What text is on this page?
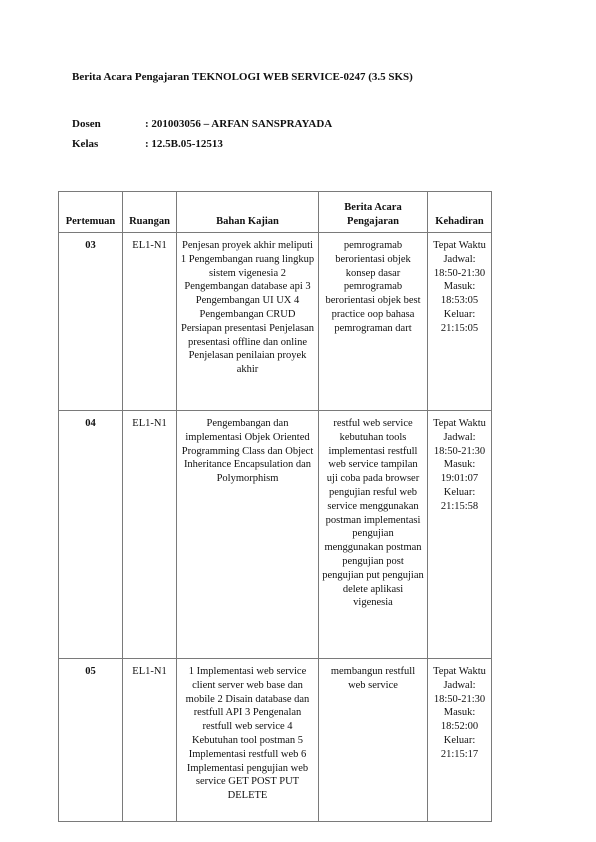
Berita Acara Pengajaran TEKNOLOGI WEB SERVICE-0247 (3.5 SKS)
Dosen	: 201003056 – ARFAN SANSPRAYADA
Kelas	: 12.5B.05-12513
Pertemuan	Ruangan	Bahan Kajian	Berita Acara Pengajaran	Kehadiran
03	EL1-N1	Penjesan proyek akhir meliputi 1 Pengembangan ruang lingkup sistem vigenesia 2 Pengembangan database api 3 Pengembangan UI UX 4 Pengembangan CRUD Persiapan presentasi Penjelasan presentasi offline dan online Penjelasan penilaian proyek akhir	pemrogramab berorientasi objek konsep dasar pemrogramab berorientasi objek best practice oop bahasa pemrograman dart	Tepat Waktu Jadwal: 18:50-21:30 Masuk: 18:53:05 Keluar: 21:15:05
04	EL1-N1	Pengembangan dan implementasi Objek Oriented Programming Class dan Object Inheritance Encapsulation dan Polymorphism	restful web service kebutuhan tools implementasi restfull web service tampilan uji coba pada browser pengujian resful web service menggunakan postman implementasi pengujian menggunakan postman pengujian post pengujian put pengujian delete aplikasi vigenesia	Tepat Waktu Jadwal: 18:50-21:30 Masuk: 19:01:07 Keluar: 21:15:58
05	EL1-N1	1 Implementasi web service client server web base dan mobile 2 Disain database dan restfull API 3 Pengenalan restfull web service 4 Kebutuhan tool postman 5 Implementasi restfull web 6 Implementasi pengujian web service GET POST PUT DELETE	membangun restfull web service	Tepat Waktu Jadwal: 18:50-21:30 Masuk: 18:52:00 Keluar: 21:15:17
